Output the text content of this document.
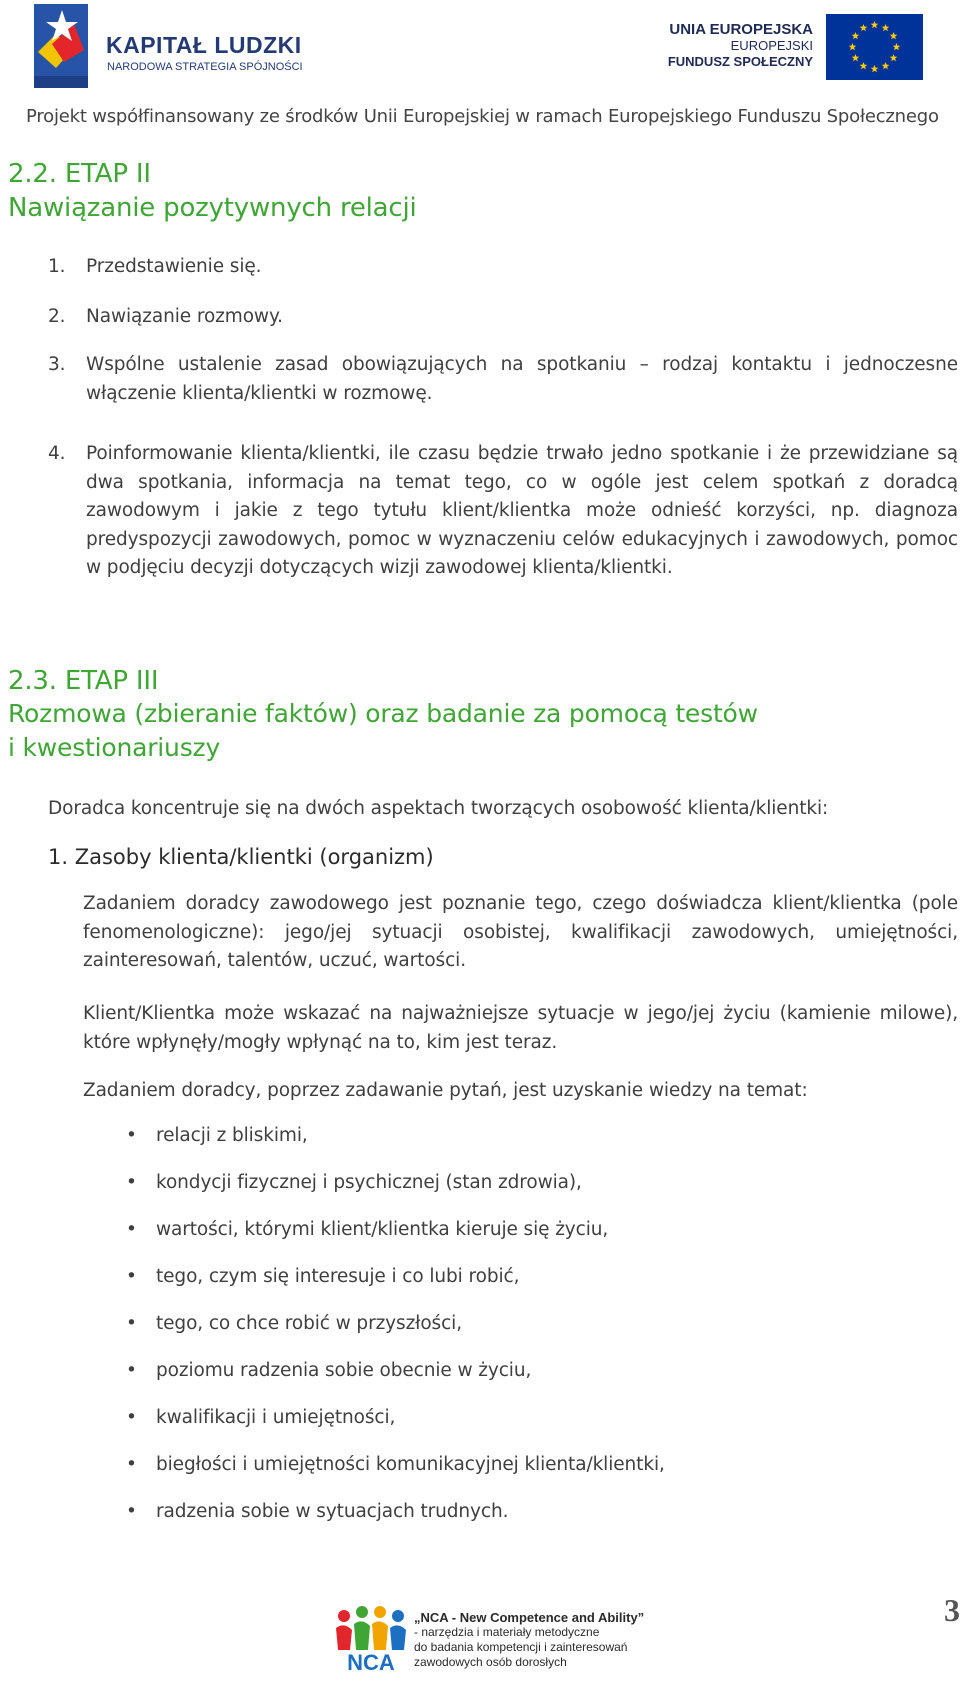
KAPITAŁ LUDZKI
NARODOWA STRATEGIA SPÓJNOŚCI
UNIA EUROPEJSKA
EUROPEJSKI
FUNDUSZ SPOŁECZNY
Projekt współfinansowany ze środków Unii Europejskiej w ramach Europejskiego Funduszu Społecznego
2.2. ETAP II
Nawiązanie pozytywnych relacji
1. Przedstawienie się.
2. Nawiązanie rozmowy.
3. Wspólne ustalenie zasad obowiązujących na spotkaniu – rodzaj kontaktu i jednoczesne włączenie klienta/klientki w rozmowę.
4. Poinformowanie klienta/klientki, ile czasu będzie trwało jedno spotkanie i że przewidziane są dwa spotkania, informacja na temat tego, co w ogóle jest celem spotkań z doradcą zawodowym i jakie z tego tytułu klient/klientka może odnieść korzyści, np. diagnoza predyspozycji zawodowych, pomoc w wyznaczeniu celów edukacyjnych i zawodowych, pomoc w podjęciu decyzji dotyczących wizji zawodowej klienta/klientki.
2.3. ETAP III
Rozmowa (zbieranie faktów) oraz badanie za pomocą testów
i kwestionariuszy
Doradca koncentruje się na dwóch aspektach tworzących osobowość klienta/klientki:
1. Zasoby klienta/klientki (organizm)
Zadaniem doradcy zawodowego jest poznanie tego, czego doświadcza klient/klientka (pole fenomenologiczne): jego/jej sytuacji osobistej, kwalifikacji zawodowych, umiejętności, zainteresowań, talentów, uczuć, wartości.
Klient/Klientka może wskazać na najważniejsze sytuacje w jego/jej życiu (kamienie milowe), które wpłynęły/mogły wpłynąć na to, kim jest teraz.
Zadaniem doradcy, poprzez zadawanie pytań, jest uzyskanie wiedzy na temat:
• relacji z bliskimi,
• kondycji fizycznej i psychicznej (stan zdrowia),
• wartości, którymi klient/klientka kieruje się życiu,
• tego, czym się interesuje i co lubi robić,
• tego, co chce robić w przyszłości,
• poziomu radzenia sobie obecnie w życiu,
• kwalifikacji i umiejętności,
• biegłości i umiejętności komunikacyjnej klienta/klientki,
• radzenia sobie w sytuacjach trudnych.
NCA
„NCA - New Competence and Ability”
- narzędzia i materiały metodyczne
do badania kompetencji i zainteresowań
zawodowych osób dorosłych
3
